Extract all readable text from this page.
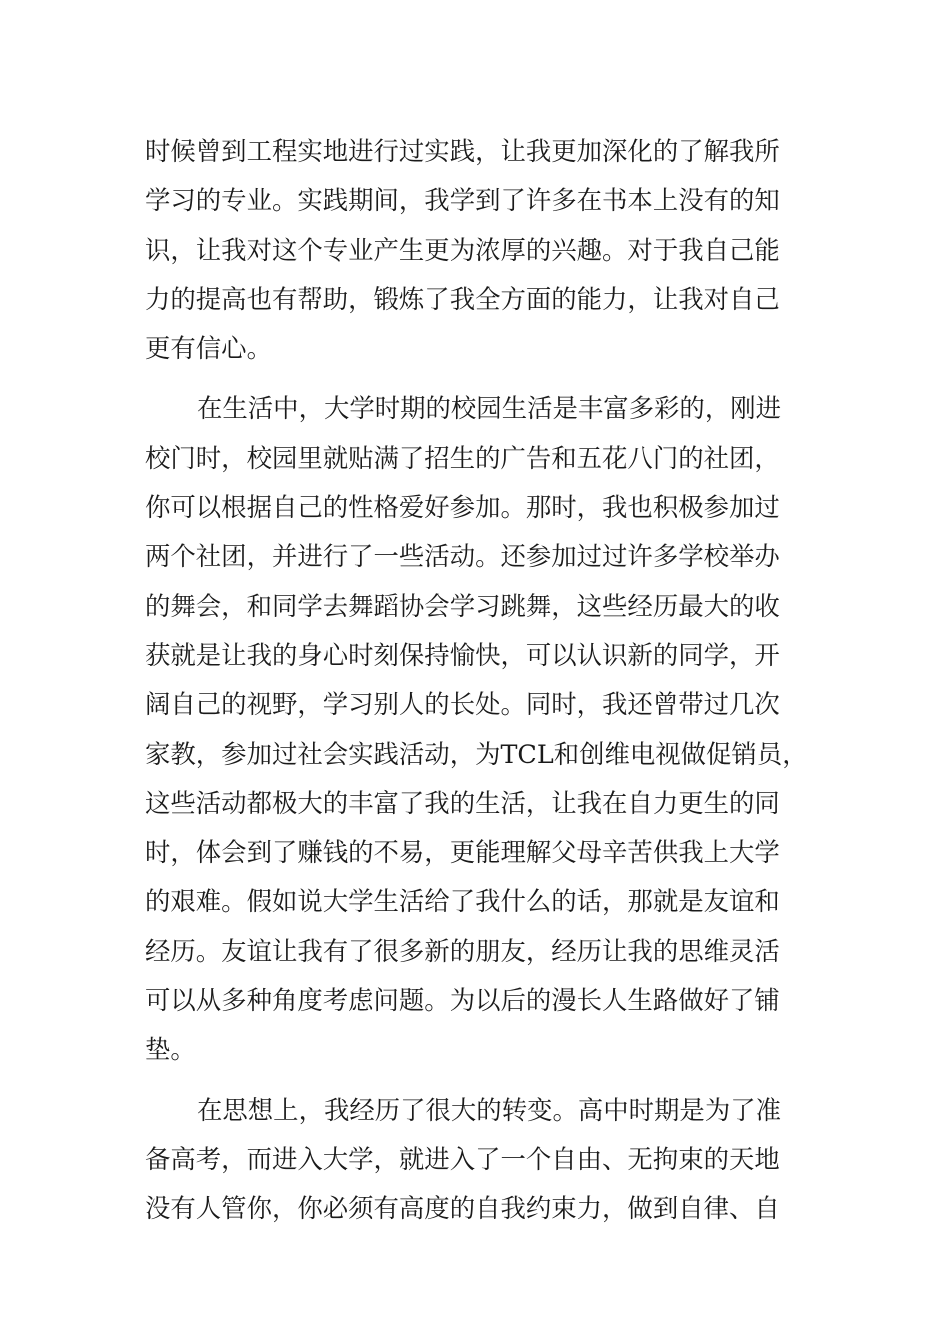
时候曾到工程实地进行过实践，让我更加深化的了解我所
学习的专业。实践期间，我学到了许多在书本上没有的知
识，让我对这个专业产生更为浓厚的兴趣。对于我自己能
力的提高也有帮助，锻炼了我全方面的能力，让我对自己
更有信心。
在生活中，大学时期的校园生活是丰富多彩的，刚进
校门时，校园里就贴满了招生的广告和五花八门的社团，
你可以根据自己的性格爱好参加。那时，我也积极参加过
两个社团，并进行了一些活动。还参加过过许多学校举办
的舞会，和同学去舞蹈协会学习跳舞，这些经历最大的收
获就是让我的身心时刻保持愉快，可以认识新的同学，开
阔自己的视野，学习别人的长处。同时，我还曾带过几次
家教，参加过社会实践活动，为TCL和创维电视做促销员，
这些活动都极大的丰富了我的生活，让我在自力更生的同
时，体会到了赚钱的不易，更能理解父母辛苦供我上大学
的艰难。假如说大学生活给了我什么的话，那就是友谊和
经历。友谊让我有了很多新的朋友，经历让我的思维灵活
可以从多种角度考虑问题。为以后的漫长人生路做好了铺
垫。
在思想上，我经历了很大的转变。高中时期是为了准
备高考，而进入大学，就进入了一个自由、无拘束的天地
没有人管你，你必须有高度的自我约束力，做到自律、自
